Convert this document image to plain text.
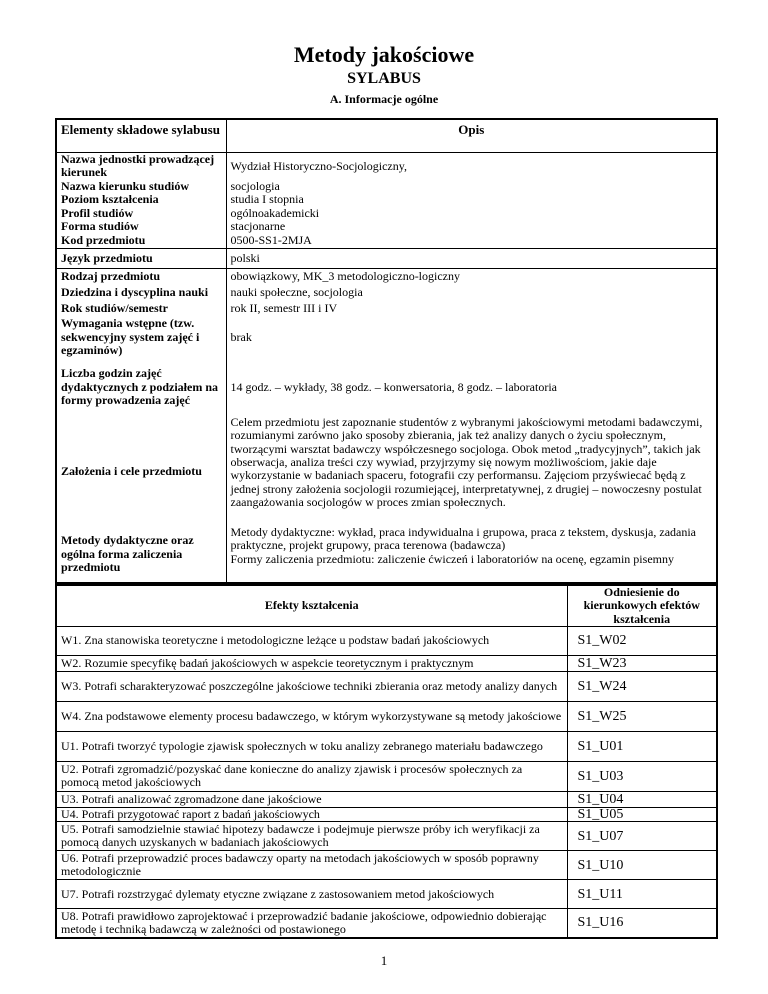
Metody jakościowe
SYLABUS
A. Informacje ogólne
Elementy składowe sylabusu	Opis
Nazwa jednostki prowadzącej kierunek	Wydział Historyczno-Socjologiczny,
Nazwa kierunku studiów	socjologia
Poziom kształcenia	studia I stopnia
Profil studiów	ogólnoakademicki
Forma studiów	stacjonarne
Kod przedmiotu	0500-SS1-2MJA
Język przedmiotu	polski
Rodzaj przedmiotu	obowiązkowy, MK_3 metodologiczno-logiczny
Dziedzina i dyscyplina nauki	nauki społeczne, socjologia
Rok studiów/semestr	rok II, semestr III i IV
Wymagania wstępne (tzw. sekwencyjny system zajęć i egzaminów)	brak
Liczba godzin zajęć dydaktycznych z podziałem na formy prowadzenia zajęć	14 godz. – wykłady, 38 godz. – konwersatoria, 8 godz. – laboratoria
Założenia i cele przedmiotu	Celem przedmiotu jest zapoznanie studentów z wybranymi jakościowymi metodami badawczymi, rozumianymi zarówno jako sposoby zbierania, jak też analizy danych o życiu społecznym, tworzącymi warsztat badawczy współczesnego socjologa. Obok metod „tradycyjnych”, takich jak obserwacja, analiza treści czy wywiad, przyjrzymy się nowym możliwościom, jakie daje wykorzystanie w badaniach spaceru, fotografii czy performansu. Zajęciom przyświecać będą z jednej strony założenia socjologii rozumiejącej, interpretatywnej, z drugiej – nowoczesny postulat zaangażowania socjologów w proces zmian społecznych.
Metody dydaktyczne oraz ogólna forma zaliczenia przedmiotu	Metody dydaktyczne: wykład, praca indywidualna i grupowa, praca z tekstem, dyskusja, zadania praktyczne, projekt grupowy, praca terenowa (badawcza)
Formy zaliczenia przedmiotu: zaliczenie ćwiczeń i laboratoriów na ocenę, egzamin pisemny
Efekty kształcenia	Odniesienie do kierunkowych efektów kształcenia
W1. Zna stanowiska teoretyczne i metodologiczne leżące u podstaw badań jakościowych	S1_W02
W2. Rozumie specyfikę badań jakościowych w aspekcie teoretycznym i praktycznym	S1_W23
W3. Potrafi scharakteryzować poszczególne jakościowe techniki zbierania oraz metody analizy danych	S1_W24
W4. Zna podstawowe elementy procesu badawczego, w którym wykorzystywane są metody jakościowe	S1_W25
U1. Potrafi tworzyć typologie zjawisk społecznych w toku analizy zebranego materiału badawczego	S1_U01
U2. Potrafi zgromadzić/pozyskać dane konieczne do analizy zjawisk i procesów społecznych za pomocą metod jakościowych	S1_U03
U3. Potrafi analizować zgromadzone dane jakościowe	S1_U04
U4. Potrafi przygotować raport z badań jakościowych	S1_U05
U5. Potrafi samodzielnie stawiać hipotezy badawcze i podejmuje pierwsze próby ich weryfikacji za pomocą danych uzyskanych w badaniach jakościowych	S1_U07
U6. Potrafi przeprowadzić proces badawczy oparty na metodach jakościowych w sposób poprawny metodologicznie	S1_U10
U7. Potrafi rozstrzygać dylematy etyczne związane z zastosowaniem metod jakościowych	S1_U11
U8. Potrafi prawidłowo zaprojektować i przeprowadzić badanie jakościowe, odpowiednio dobierając metodę i techniką badawczą w zależności od postawionego	S1_U16
1
